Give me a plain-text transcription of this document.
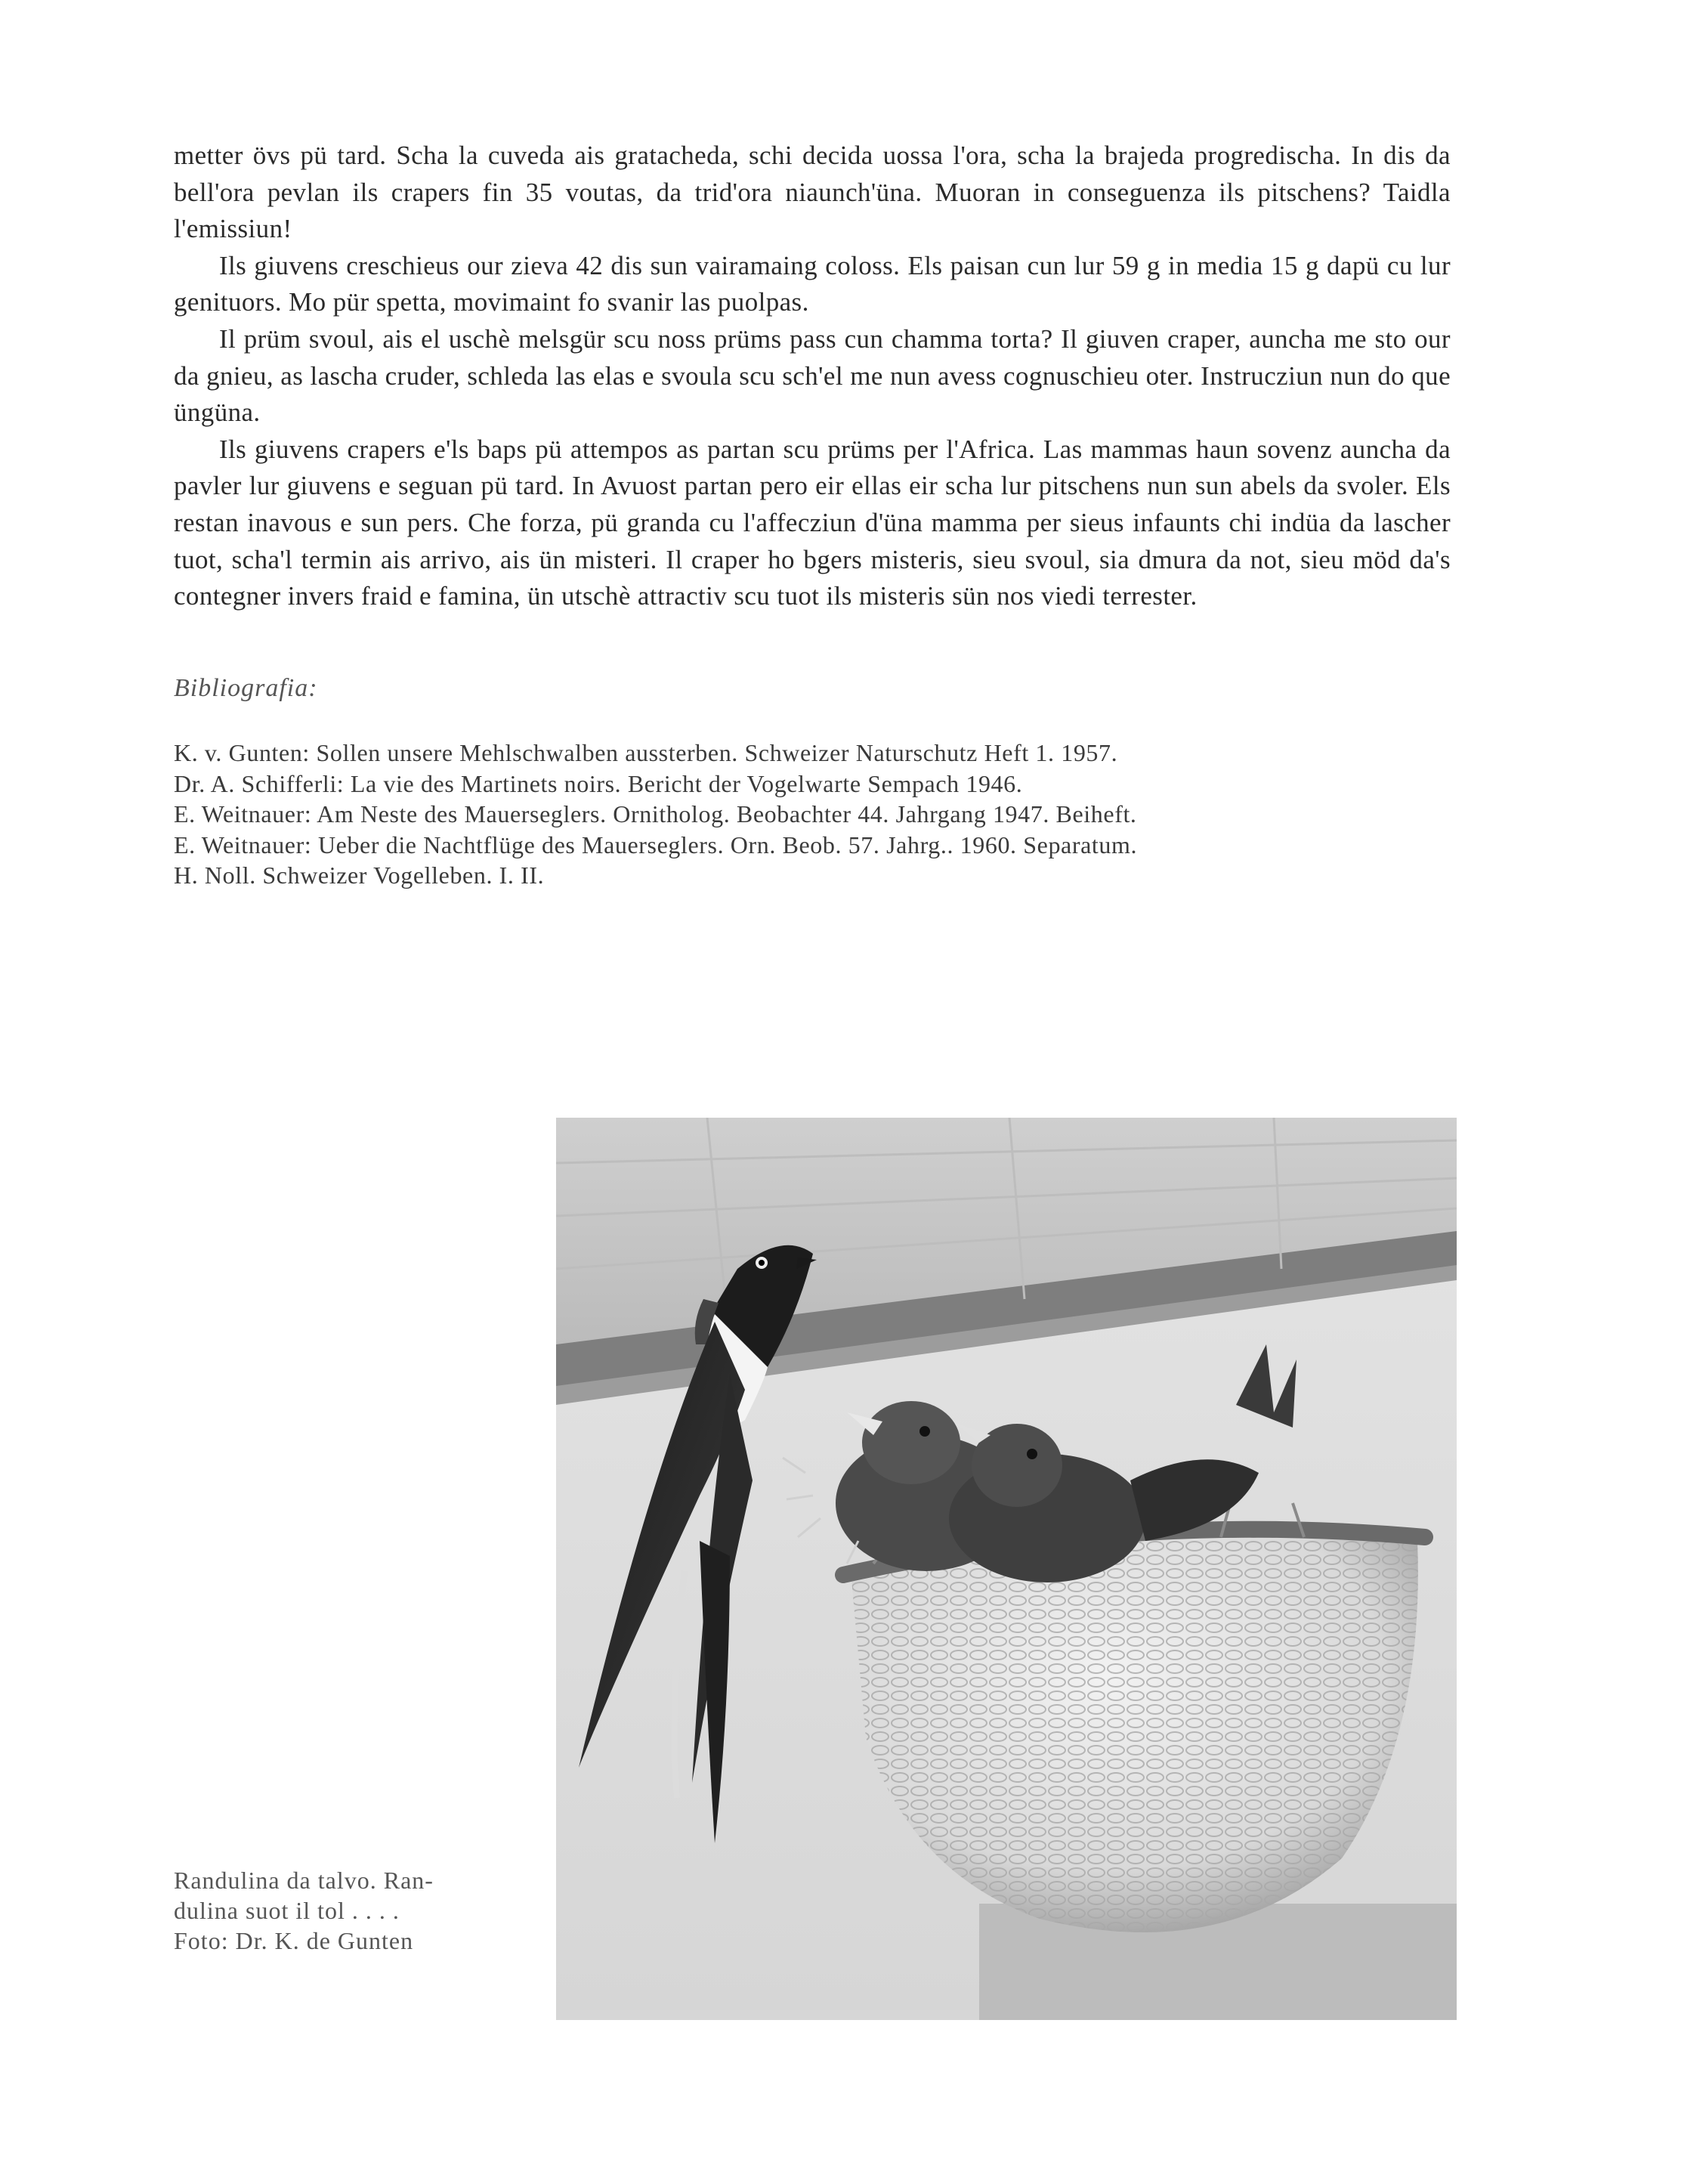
metter övs pü tard. Scha la cuveda ais gratacheda, schi decida uossa l'ora, scha la brajeda progredischa. In dis da bell'ora pevlan ils crapers fin 35 voutas, da trid'ora niaunch'üna. Muoran in conseguenza ils pitschens? Taidla l'emissiun!

Ils giuvens creschieus our zieva 42 dis sun vairamaing coloss. Els paisan cun lur 59 g in media 15 g dapü cu lur genituors. Mo pür spetta, movimaint fo svanir las puolpas.

Il prüm svoul, ais el uschè melsgür scu noss prüms pass cun chamma torta? Il giuven craper, auncha me sto our da gnieu, as lascha cruder, schleda las elas e svoula scu sch'el me nun avess cognuschieu oter. Instrucziun nun do que üngüna.

Ils giuvens crapers e'ls baps pü attempos as partan scu prüms per l'Africa. Las mammas haun sovenz auncha da pavler lur giuvens e seguan pü tard. In Avuost partan pero eir ellas eir scha lur pitschens nun sun abels da svoler. Els restan inavous e sun pers. Che forza, pü granda cu l'affecziun d'üna mamma per sieus infaunts chi indüa da lascher tuot, scha'l termin ais arrivo, ais ün misteri. Il craper ho bgers misteris, sieu svoul, sia dmura da not, sieu möd da's contegner invers fraid e famina, ün utschè attractiv scu tuot ils misteris sün nos viedi terrester.

Bibliografia:
K. v. Gunten: Sollen unsere Mehlschwalben aussterben. Schweizer Naturschutz Heft 1. 1957.
Dr. A. Schifferli: La vie des Martinets noirs. Bericht der Vogelwarte Sempach 1946.
E. Weitnauer: Am Neste des Mauerseglers. Ornitholog. Beobachter 44. Jahrgang 1947. Beiheft.
E. Weitnauer: Ueber die Nachtflüge des Mauerseglers. Orn. Beob. 57. Jahrg.. 1960. Separatum.
H. Noll. Schweizer Vogelleben. I. II.
Randulina da talvo. Ran-
dulina suot il tol . . . .
Foto: Dr. K. de Gunten
